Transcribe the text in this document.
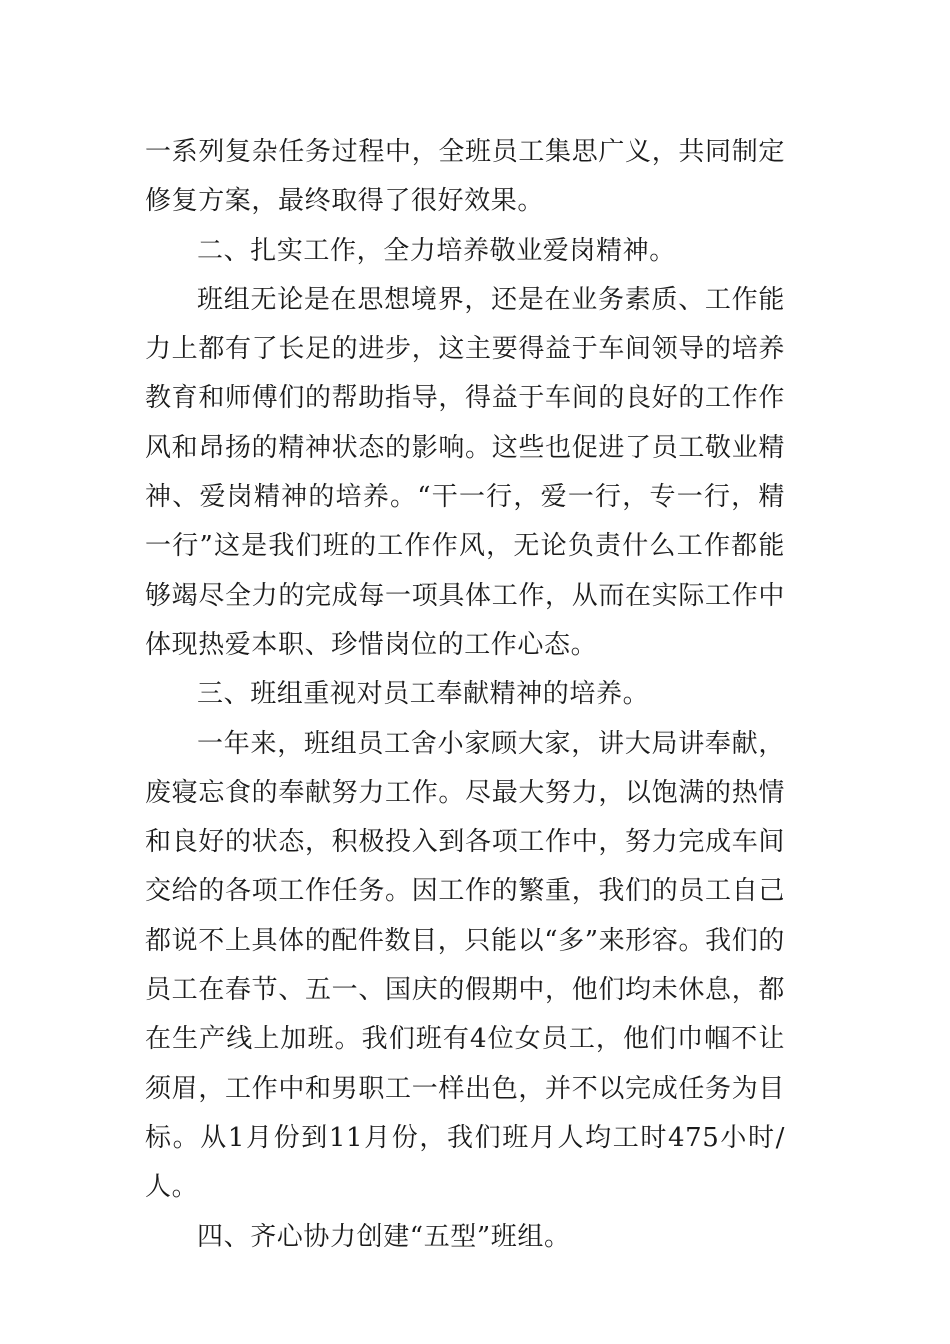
一系列复杂任务过程中，全班员工集思广义，共同制定修复方案，最终取得了很好效果。

二、扎实工作，全力培养敬业爱岗精神。

班组无论是在思想境界，还是在业务素质、工作能力上都有了长足的进步，这主要得益于车间领导的培养教育和师傅们的帮助指导，得益于车间的良好的工作作风和昂扬的精神状态的影响。这些也促进了员工敬业精神、爱岗精神的培养。“干一行，爱一行，专一行，精一行”这是我们班的工作作风，无论负责什么工作都能够竭尽全力的完成每一项具体工作，从而在实际工作中体现热爱本职、珍惜岗位的工作心态。

三、班组重视对员工奉献精神的培养。

一年来，班组员工舍小家顾大家，讲大局讲奉献，废寝忘食的奉献努力工作。尽最大努力，以饱满的热情和良好的状态，积极投入到各项工作中，努力完成车间交给的各项工作任务。因工作的繁重，我们的员工自己都说不上具体的配件数目，只能以“多”来形容。我们的员工在春节、五一、国庆的假期中，他们均未休息，都在生产线上加班。我们班有4位女员工，他们巾帼不让须眉，工作中和男职工一样出色，并不以完成任务为目标。从1月份到11月份，我们班月人均工时475小时/人。

四、齐心协力创建“五型”班组。
